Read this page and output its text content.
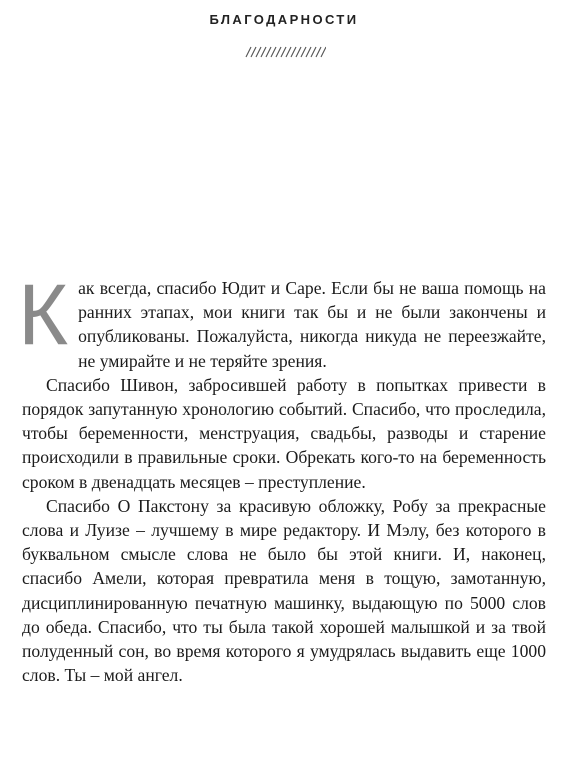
БЛАГОДАРНОСТИ

Как всегда, спасибо Юдит и Саре. Если бы не ваша помощь на ранних этапах, мои книги так бы и не были закончены и опубликованы. Пожалуйста, никогда никуда не переезжайте, не умирайте и не теряйте зрения.

Спасибо Шивон, забросившей работу в попытках привести в порядок запутанную хронологию событий. Спасибо, что проследила, чтобы беременности, менструация, свадьбы, разводы и старение происходили в правильные сроки. Обрекать кого-то на беременность сроком в двенадцать месяцев – преступление.

Спасибо О Пакстону за красивую обложку, Робу за прекрасные слова и Луизе – лучшему в мире редактору. И Мэлу, без которого в буквальном смысле слова не было бы этой книги. И, наконец, спасибо Амели, которая превратила меня в тощую, замотанную, дисциплинированную печатную машинку, выдающую по 5000 слов до обеда. Спасибо, что ты была такой хорошей малышкой и за твой полуденный сон, во время которого я умудрялась выдавить еще 1000 слов. Ты – мой ангел.
